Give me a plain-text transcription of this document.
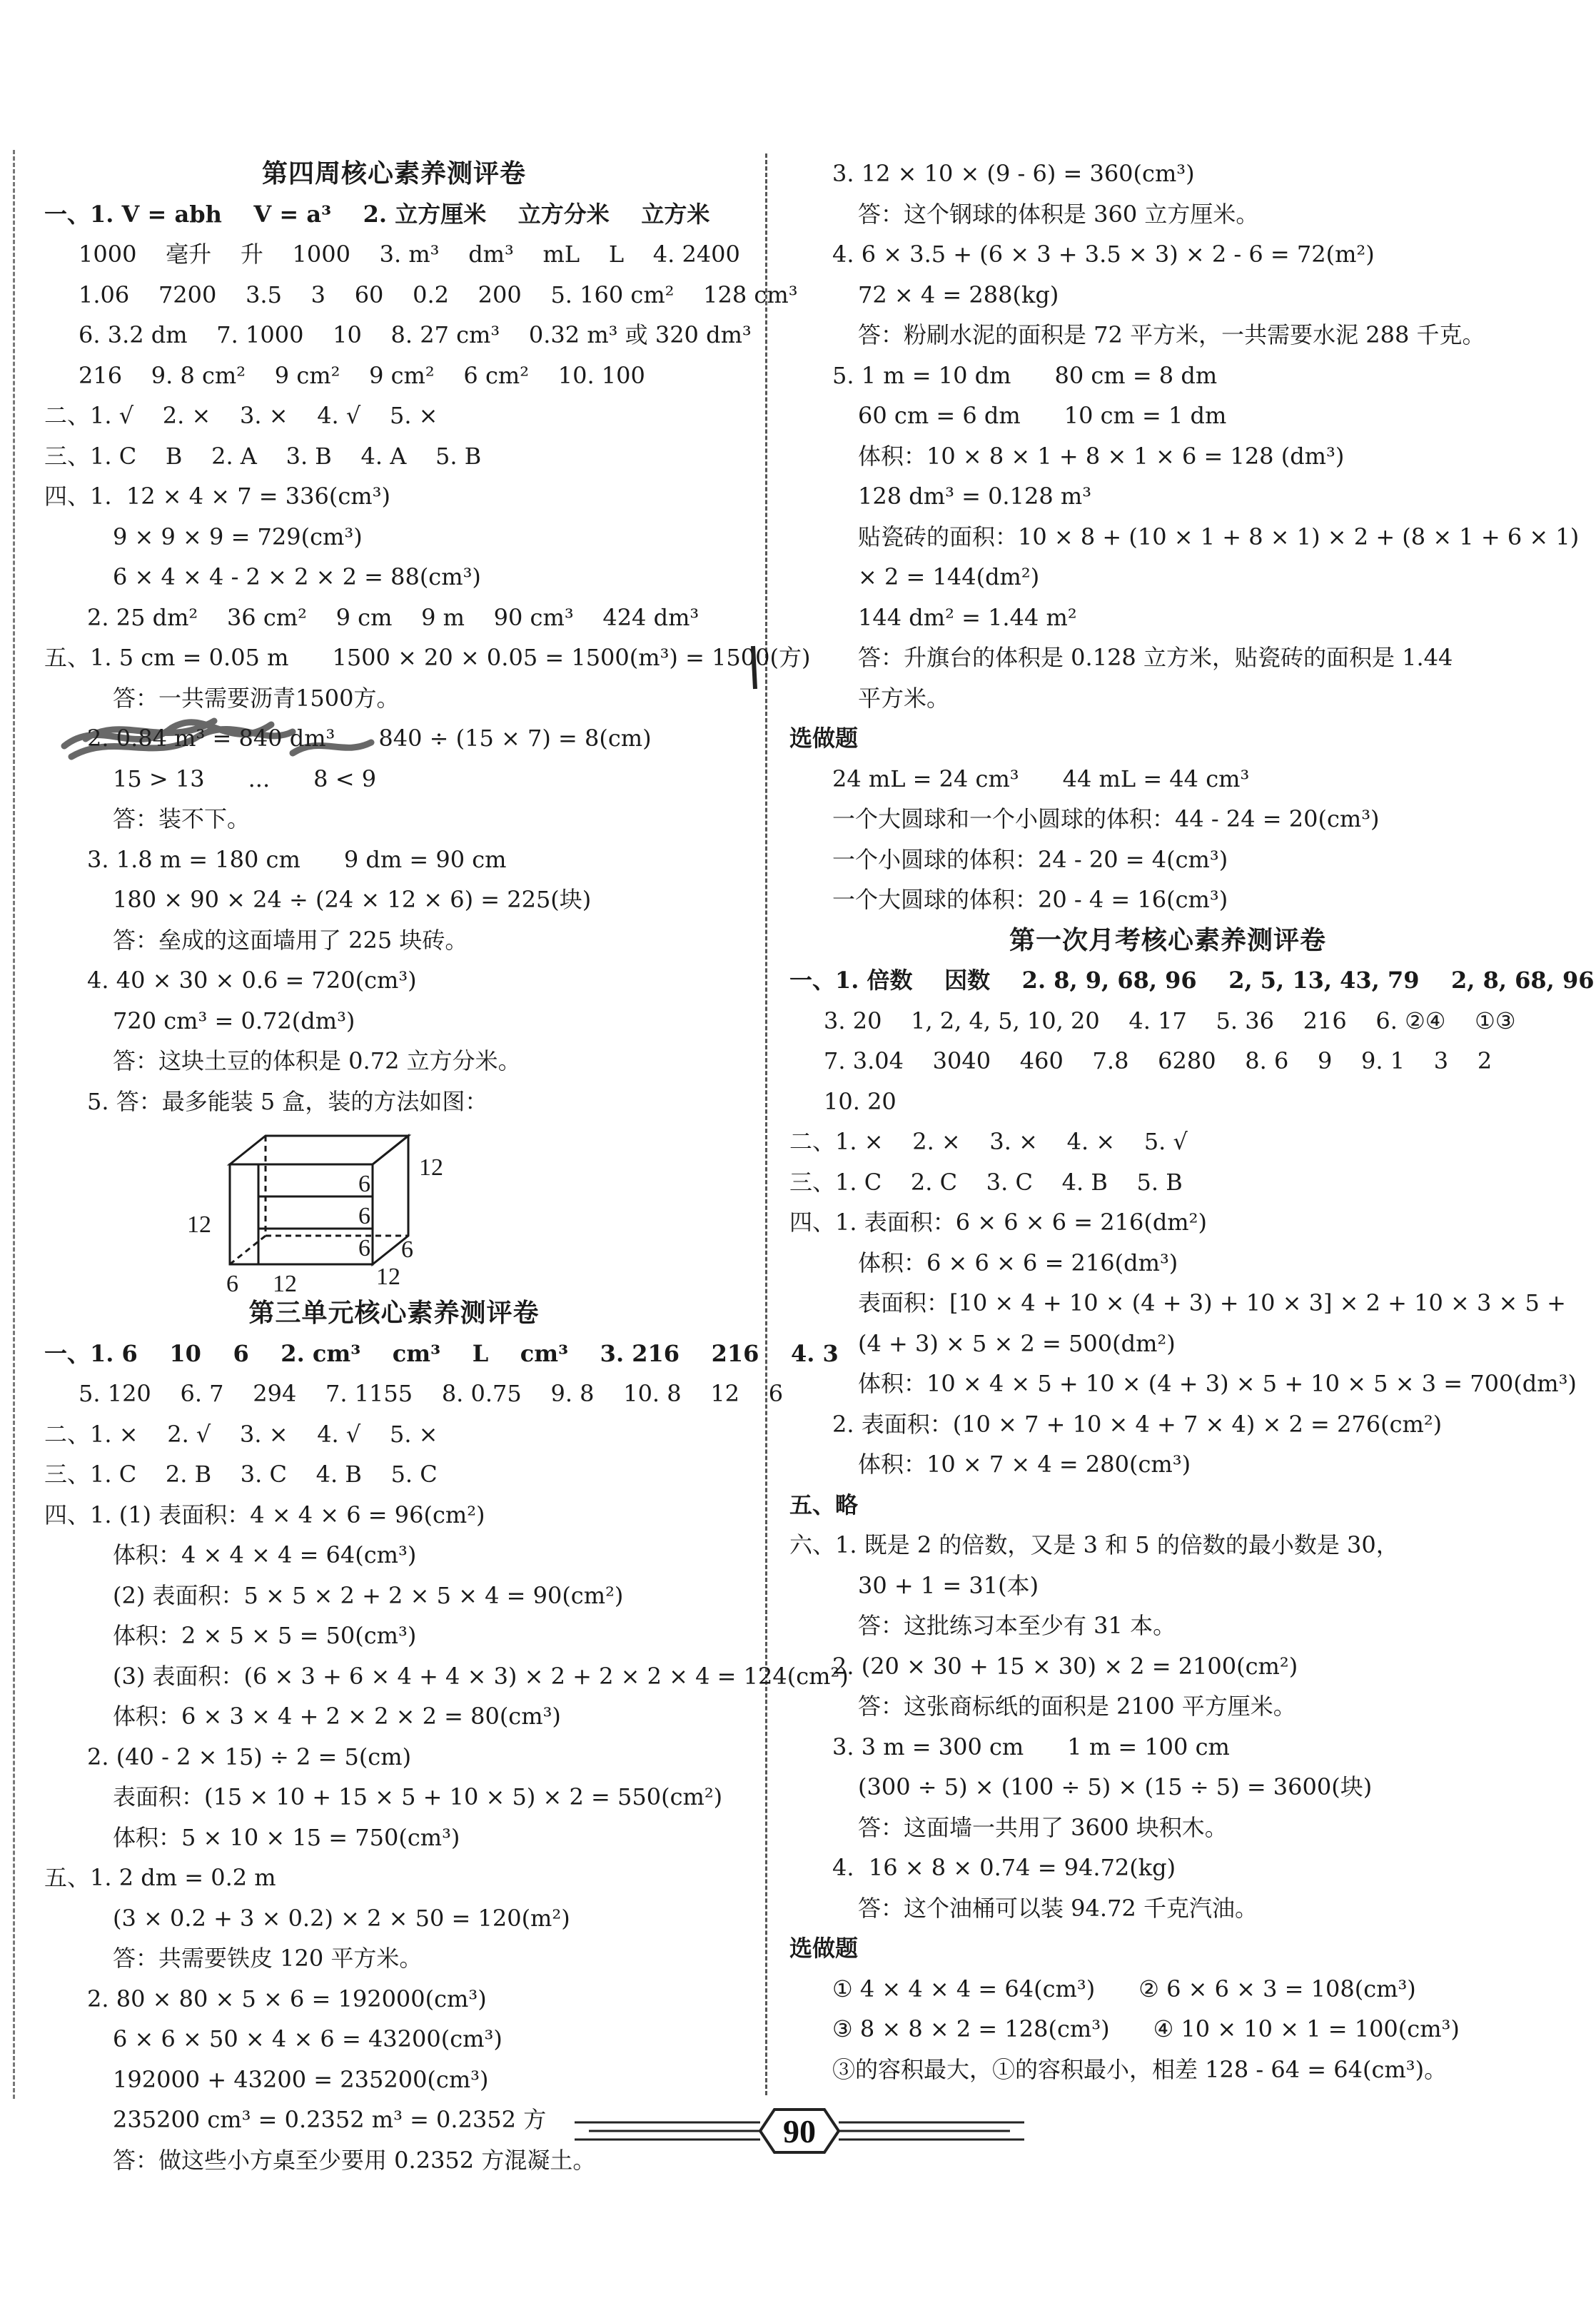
第四周核心素养测评卷
一、1. V = abh    V = a³    2. 立方厘米    立方分米    立方米
1000    毫升    升    1000    3. m³    dm³    mL    L    4. 2400
1.06    7200    3.5    3    60    0.2    200    5. 160 cm²    128 cm³
6. 3.2 dm    7. 1000    10    8. 27 cm³    0.32 m³ 或 320 dm³
216    9. 8 cm²    9 cm²    9 cm²    6 cm²    10. 100
二、1. √    2. ×    3. ×    4. √    5. ×
三、1. C    B    2. A    3. B    4. A    5. B
四、1.  12 × 4 × 7 = 336(cm³)
9 × 9 × 9 = 729(cm³)
6 × 4 × 4 - 2 × 2 × 2 = 88(cm³)
2. 25 dm²    36 cm²    9 cm    9 m    90 cm³    424 dm³
五、1. 5 cm = 0.05 m      1500 × 20 × 0.05 = 1500(m³) = 1500(方)
答：一共需要沥青1500方。
2. 0.84 m³ = 840 dm³      840 ÷ (15 × 7) = 8(cm)
15 > 13      ...      8 < 9
答：装不下。
3. 1.8 m = 180 cm      9 dm = 90 cm
180 × 90 × 24 ÷ (24 × 12 × 6) = 225(块)
答：垒成的这面墙用了 225 块砖。
4. 40 × 30 × 0.6 = 720(cm³)
720 cm³ = 0.72(dm³)
答：这块土豆的体积是 0.72 立方分米。
5. 答：最多能装 5 盒，装的方法如图：
6
6
6
12
12
6
12
6 12
第三单元核心素养测评卷
一、1. 6    10    6    2. cm³    cm³    L    cm³    3. 216    216    4. 3
5. 120    6. 7    294    7. 1155    8. 0.75    9. 8    10. 8    12    6
二、1. ×    2. √    3. ×    4. √    5. ×
三、1. C    2. B    3. C    4. B    5. C
四、1. (1) 表面积：4 × 4 × 6 = 96(cm²)
体积：4 × 4 × 4 = 64(cm³)
(2) 表面积：5 × 5 × 2 + 2 × 5 × 4 = 90(cm²)
体积：2 × 5 × 5 = 50(cm³)
(3) 表面积：(6 × 3 + 6 × 4 + 4 × 3) × 2 + 2 × 2 × 4 = 124(cm²)
体积：6 × 3 × 4 + 2 × 2 × 2 = 80(cm³)
2. (40 - 2 × 15) ÷ 2 = 5(cm)
表面积：(15 × 10 + 15 × 5 + 10 × 5) × 2 = 550(cm²)
体积：5 × 10 × 15 = 750(cm³)
五、1. 2 dm = 0.2 m
(3 × 0.2 + 3 × 0.2) × 2 × 50 = 120(m²)
答：共需要铁皮 120 平方米。
2. 80 × 80 × 5 × 6 = 192000(cm³)
6 × 6 × 50 × 4 × 6 = 43200(cm³)
192000 + 43200 = 235200(cm³)
235200 cm³ = 0.2352 m³ = 0.2352 方
答：做这些小方桌至少要用 0.2352 方混凝土。
3. 12 × 10 × (9 - 6) = 360(cm³)
答：这个钢球的体积是 360 立方厘米。
4. 6 × 3.5 + (6 × 3 + 3.5 × 3) × 2 - 6 = 72(m²)
72 × 4 = 288(kg)
答：粉刷水泥的面积是 72 平方米，一共需要水泥 288 千克。
5. 1 m = 10 dm      80 cm = 8 dm
60 cm = 6 dm      10 cm = 1 dm
体积：10 × 8 × 1 + 8 × 1 × 6 = 128 (dm³)
128 dm³ = 0.128 m³
贴瓷砖的面积：10 × 8 + (10 × 1 + 8 × 1) × 2 + (8 × 1 + 6 × 1)
× 2 = 144(dm²)
144 dm² = 1.44 m²
答：升旗台的体积是 0.128 立方米，贴瓷砖的面积是 1.44
平方米。
选做题
24 mL = 24 cm³      44 mL = 44 cm³
一个大圆球和一个小圆球的体积：44 - 24 = 20(cm³)
一个小圆球的体积：24 - 20 = 4(cm³)
一个大圆球的体积：20 - 4 = 16(cm³)
第一次月考核心素养测评卷
一、1. 倍数    因数    2. 8, 9, 68, 96    2, 5, 13, 43, 79    2, 8, 68, 96
3. 20    1, 2, 4, 5, 10, 20    4. 17    5. 36    216    6. ②④    ①③
7. 3.04    3040    460    7.8    6280    8. 6    9    9. 1    3    2
10. 20
二、1. ×    2. ×    3. ×    4. ×    5. √
三、1. C    2. C    3. C    4. B    5. B
四、1. 表面积：6 × 6 × 6 = 216(dm²)
体积：6 × 6 × 6 = 216(dm³)
表面积：[10 × 4 + 10 × (4 + 3) + 10 × 3] × 2 + 10 × 3 × 5 +
(4 + 3) × 5 × 2 = 500(dm²)
体积：10 × 4 × 5 + 10 × (4 + 3) × 5 + 10 × 5 × 3 = 700(dm³)
2. 表面积：(10 × 7 + 10 × 4 + 7 × 4) × 2 = 276(cm²)
体积：10 × 7 × 4 = 280(cm³)
五、略
六、1. 既是 2 的倍数，又是 3 和 5 的倍数的最小数是 30，
30 + 1 = 31(本)
答：这批练习本至少有 31 本。
2. (20 × 30 + 15 × 30) × 2 = 2100(cm²)
答：这张商标纸的面积是 2100 平方厘米。
3. 3 m = 300 cm      1 m = 100 cm
(300 ÷ 5) × (100 ÷ 5) × (15 ÷ 5) = 3600(块)
答：这面墙一共用了 3600 块积木。
4.  16 × 8 × 0.74 = 94.72(kg)
答：这个油桶可以装 94.72 千克汽油。
选做题
① 4 × 4 × 4 = 64(cm³)      ② 6 × 6 × 3 = 108(cm³)
③ 8 × 8 × 2 = 128(cm³)      ④ 10 × 10 × 1 = 100(cm³)
③的容积最大，①的容积最小，相差 128 - 64 = 64(cm³)。
90
